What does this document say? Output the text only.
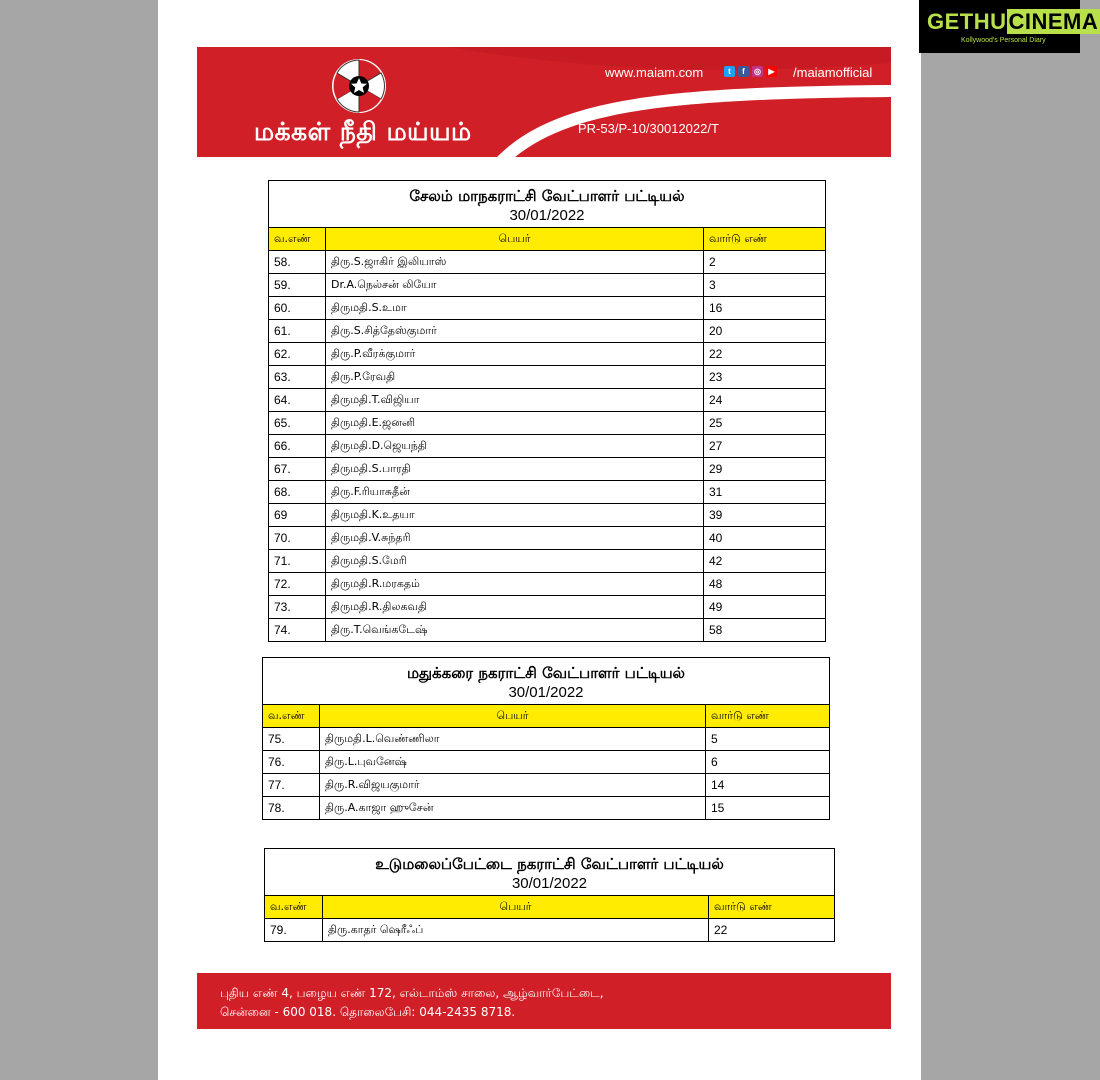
மக்கள் நீதி மய்யம்
www.maiam.com	t	f	◎ ▶ /maiamofficial
PR-53/P-10/30012022/T
GETHUCINEMA
Kollywood's Personal Diary
சேலம் மாநகராட்சி வேட்பாளர் பட்டியல்
30/01/2022
வ.எண்	பெயர்	வார்டு எண்
58.	திரு.S.ஜாகிர் இலியாஸ்	2
59.	Dr.A.நெல்சன் லியோ	3
60.	திருமதி.S.உமா	16
61.	திரு.S.சித்தேஸ்குமார்	20
62.	திரு.P.வீரக்குமார்	22
63.	திரு.P.ரேவதி	23
64.	திருமதி.T.விஜியா	24
65.	திருமதி.E.ஜனனி	25
66.	திருமதி.D.ஜெயந்தி	27
67.	திருமதி.S.பாரதி	29
68.	திரு.F.ரியாசுதீன்	31
69	திருமதி.K.உதயா	39
70.	திருமதி.V.சுந்தரி	40
71.	திருமதி.S.மேரி	42
72.	திருமதி.R.மரகதம்	48
73.	திருமதி.R.திலகவதி	49
74.	திரு.T.வெங்கடேஷ்	58
மதுக்கரை நகராட்சி வேட்பாளர் பட்டியல்
30/01/2022
வ.எண்	பெயர்	வார்டு எண்
75.	திருமதி.L.வெண்ணிலா	5
76.	திரு.L.புவனேஷ்	6
77.	திரு.R.விஜயகுமார்	14
78.	திரு.A.காஜா ஹுசேன்	15
உடுமலைப்பேட்டை நகராட்சி வேட்பாளர் பட்டியல்
30/01/2022
வ.எண்	பெயர்	வார்டு எண்
79.	திரு.காதர் ஷெரீஃப்	22
புதிய எண் 4, பழைய எண் 172, எல்டாம்ஸ் சாலை, ஆழ்வார்பேட்டை,
சென்னை - 600 018. தொலைபேசி: 044-2435 8718.
